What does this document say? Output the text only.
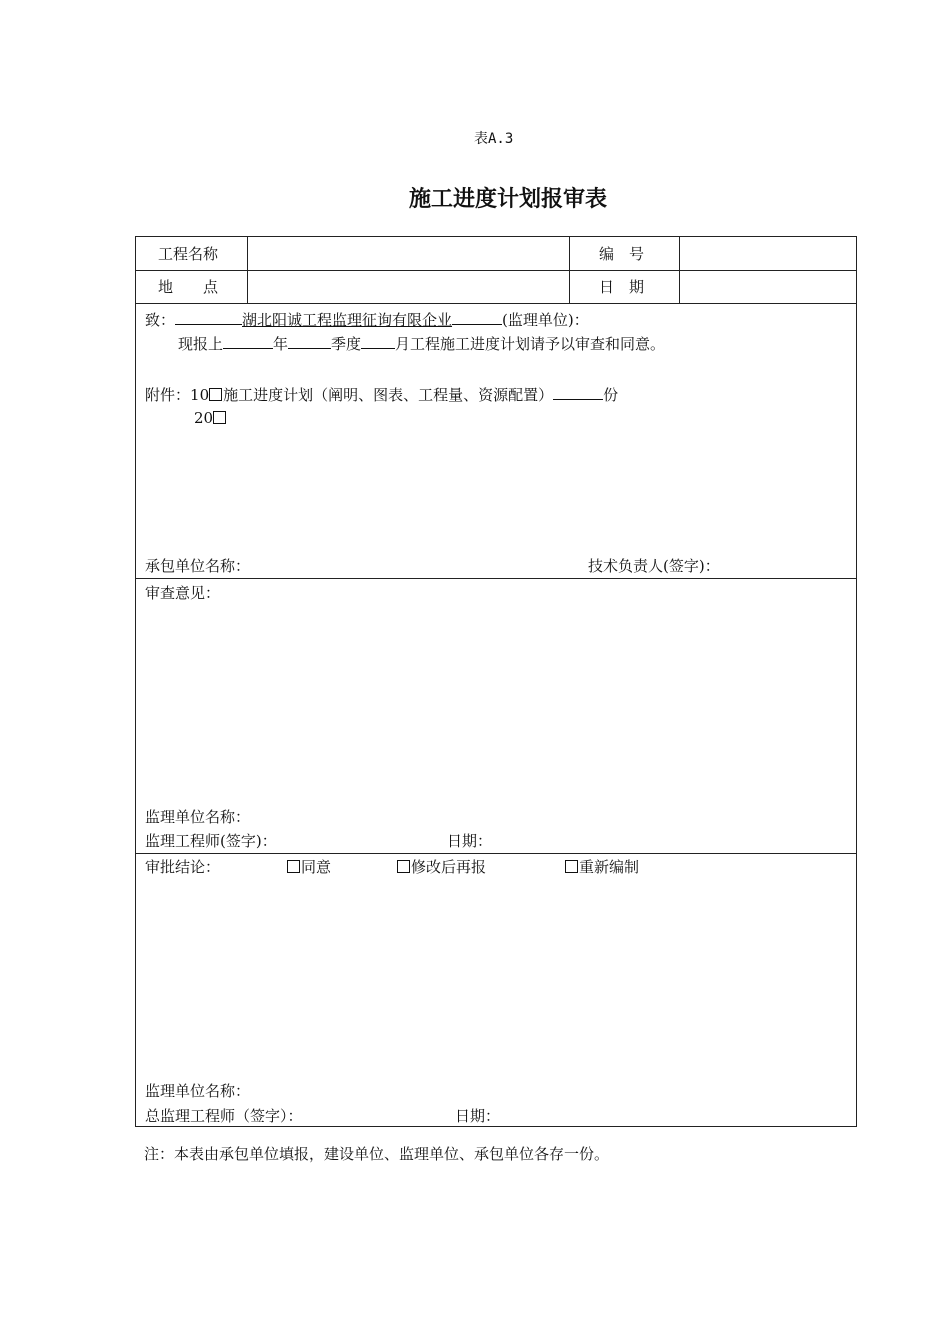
表A.3
施工进度计划报审表
工程名称	编　号
地　　点	日　期
致：	湖北阳诚工程监理征询有限企业	(监理单位)：
现报上	年	季度 月工程施工进度计划请予以审查和同意。
附件：10 施工进度计划（阐明、图表、工程量、资源配置）	份
20
承包单位名称：	技术负责人(签字)：
审查意见：
监理单位名称：
监理工程师(签字)：	日期：
审批结论：	同意	修改后再报	重新编制
监理单位名称：
总监理工程师（签字）：	日期：
注：本表由承包单位填报，建设单位、监理单位、承包单位各存一份。
